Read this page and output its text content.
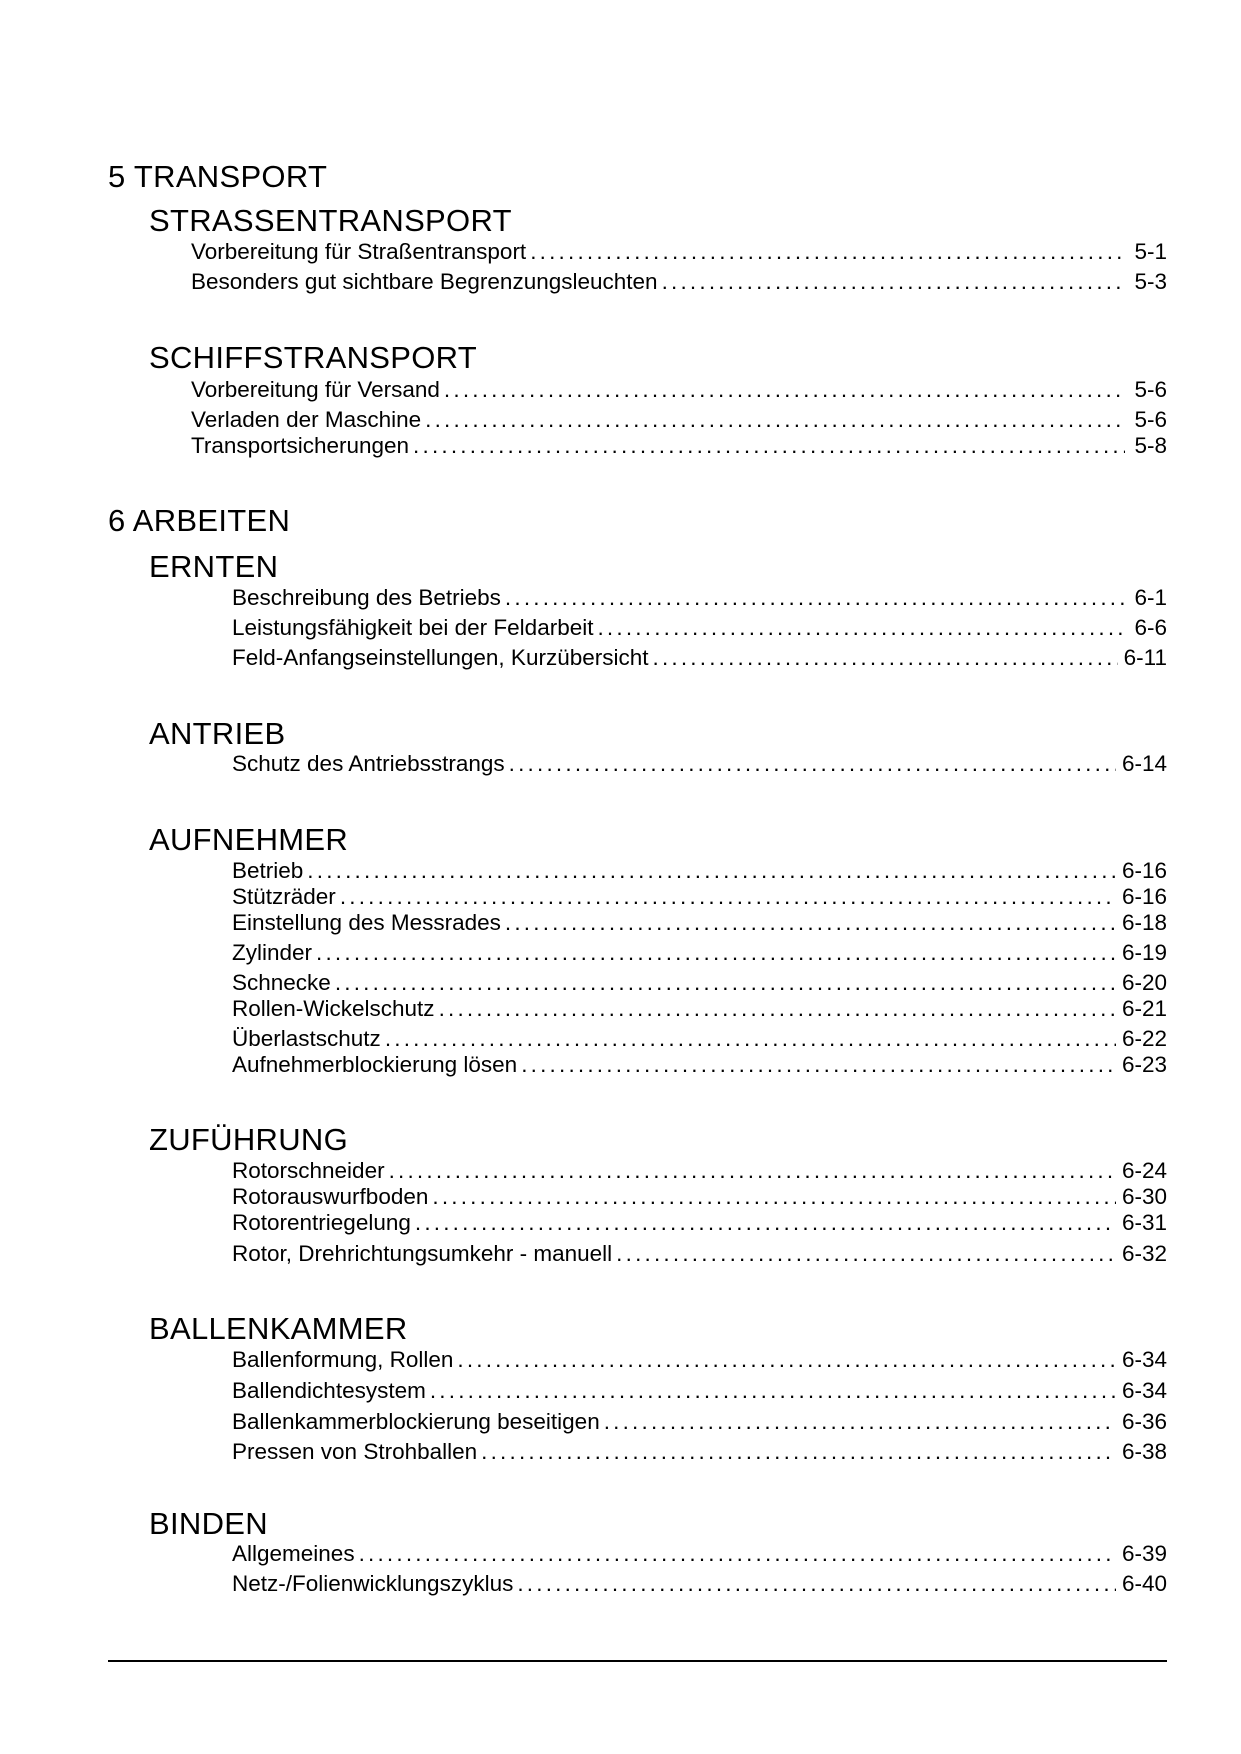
5 TRANSPORT
STRASSENTRANSPORT
Vorbereitung für Straßentransport .....	5-1
Besonders gut sichtbare Begrenzungsleuchten .....	5-3
SCHIFFSTRANSPORT
Vorbereitung für Versand .....	5-6
Verladen der Maschine .....	5-6
Transportsicherungen .....	5-8
6 ARBEITEN
ERNTEN
Beschreibung des Betriebs .....	6-1
Leistungsfähigkeit bei der Feldarbeit .....	6-6
Feld-Anfangseinstellungen, Kurzübersicht .....	6-11
ANTRIEB
Schutz des Antriebsstrangs .....	6-14
AUFNEHMER
Betrieb .....	6-16
Stützräder .....	6-16
Einstellung des Messrades .....	6-18
Zylinder .....	6-19
Schnecke .....	6-20
Rollen-Wickelschutz .....	6-21
Überlastschutz .....	6-22
Aufnehmerblockierung lösen .....	6-23
ZUFÜHRUNG
Rotorschneider .....	6-24
Rotorauswurfboden .....	6-30
Rotorentriegelung .....	6-31
Rotor, Drehrichtungsumkehr - manuell .....	6-32
BALLENKAMMER
Ballenformung, Rollen .....	6-34
Ballendichtesystem .....	6-34
Ballenkammerblockierung beseitigen .....	6-36
Pressen von Strohballen .....	6-38
BINDEN
Allgemeines .....	6-39
Netz-/Folienwicklungszyklus .....	6-40
